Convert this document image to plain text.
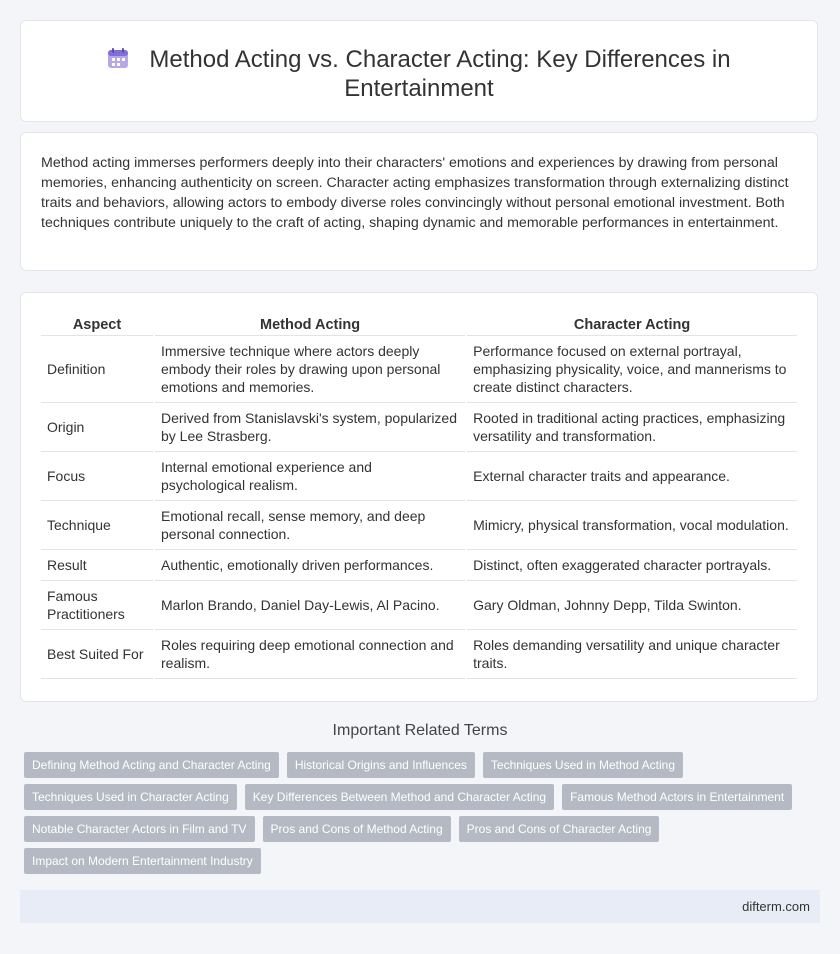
Method Acting vs. Character Acting: Key Differences in Entertainment

Method acting immerses performers deeply into their characters' emotions and experiences by drawing from personal memories, enhancing authenticity on screen. Character acting emphasizes transformation through externalizing distinct traits and behaviors, allowing actors to embody diverse roles convincingly without personal emotional investment. Both techniques contribute uniquely to the craft of acting, shaping dynamic and memorable performances in entertainment.

Aspect	Method Acting	Character Acting
Definition	Immersive technique where actors deeply embody their roles by drawing upon personal emotions and memories.	Performance focused on external portrayal, emphasizing physicality, voice, and mannerisms to create distinct characters.
Origin	Derived from Stanislavski's system, popularized by Lee Strasberg.	Rooted in traditional acting practices, emphasizing versatility and transformation.
Focus	Internal emotional experience and psychological realism.	External character traits and appearance.
Technique	Emotional recall, sense memory, and deep personal connection.	Mimicry, physical transformation, vocal modulation.
Result	Authentic, emotionally driven performances.	Distinct, often exaggerated character portrayals.
Famous Practitioners	Marlon Brando, Daniel Day-Lewis, Al Pacino.	Gary Oldman, Johnny Depp, Tilda Swinton.
Best Suited For	Roles requiring deep emotional connection and realism.	Roles demanding versatility and unique character traits.
Important Related Terms
Defining Method Acting and Character Acting	Historical Origins and Influences	Techniques Used in Method Acting
Techniques Used in Character Acting	Key Differences Between Method and Character Acting	Famous Method Actors in Entertainment
Notable Character Actors in Film and TV	Pros and Cons of Method Acting	Pros and Cons of Character Acting
Impact on Modern Entertainment Industry
difterm.com
